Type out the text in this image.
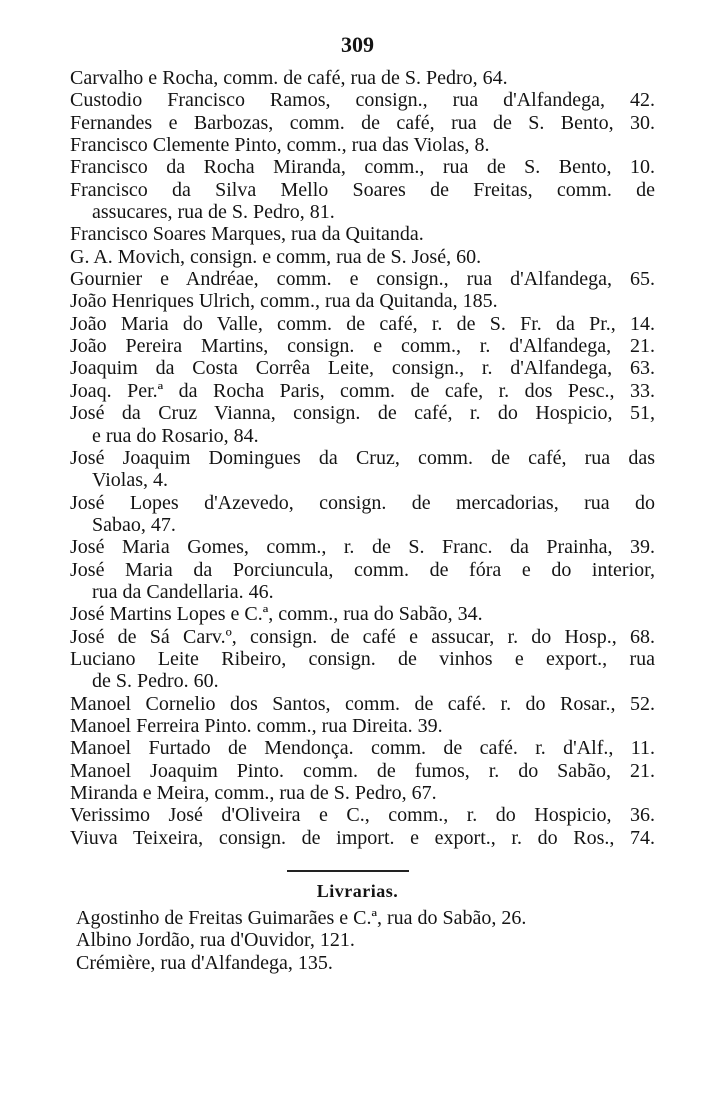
309
Carvalho e Rocha, comm. de café, rua de S. Pedro, 64.
Custodio Francisco Ramos, consign., rua d'Alfandega, 42.
Fernandes e Barbozas, comm. de café, rua de S. Bento, 30.
Francisco Clemente Pinto, comm., rua das Violas, 8.
Francisco da Rocha Miranda, comm., rua de S. Bento, 10.
Francisco da Silva Mello Soares de Freitas, comm. de
assucares, rua de S. Pedro, 81.
Francisco Soares Marques, rua da Quitanda.
G. A. Movich, consign. e comm, rua de S. José, 60.
Gournier e Andréae, comm. e consign., rua d'Alfandega, 65.
João Henriques Ulrich, comm., rua da Quitanda, 185.
João Maria do Valle, comm. de café, r. de S. Fr. da Pr., 14.
João Pereira Martins, consign. e comm., r. d'Alfandega, 21.
Joaquim da Costa Corrêa Leite, consign., r. d'Alfandega, 63.
Joaq. Per.ª da Rocha Paris, comm. de cafe, r. dos Pesc., 33.
José da Cruz Vianna, consign. de café, r. do Hospicio, 51,
e rua do Rosario, 84.
José Joaquim Domingues da Cruz, comm. de café, rua das
Violas, 4.
José Lopes d'Azevedo, consign. de mercadorias, rua do
Sabao, 47.
José Maria Gomes, comm., r. de S. Franc. da Prainha, 39.
José Maria da Porciuncula, comm. de fóra e do interior,
rua da Candellaria. 46.
José Martins Lopes e C.ª, comm., rua do Sabão, 34.
José de Sá Carv.º, consign. de café e assucar, r. do Hosp., 68.
Luciano Leite Ribeiro, consign. de vinhos e export., rua
de S. Pedro. 60.
Manoel Cornelio dos Santos, comm. de café. r. do Rosar., 52.
Manoel Ferreira Pinto. comm., rua Direita. 39.
Manoel Furtado de Mendonça. comm. de café. r. d'Alf., 11.
Manoel Joaquim Pinto. comm. de fumos, r. do Sabão, 21.
Miranda e Meira, comm., rua de S. Pedro, 67.
Verissimo José d'Oliveira e C., comm., r. do Hospicio, 36.
Viuva Teixeira, consign. de import. e export., r. do Ros., 74.
Livrarias.
Agostinho de Freitas Guimarães e C.ª, rua do Sabão, 26.
Albino Jordão, rua d'Ouvidor, 121.
Crémière, rua d'Alfandega, 135.
